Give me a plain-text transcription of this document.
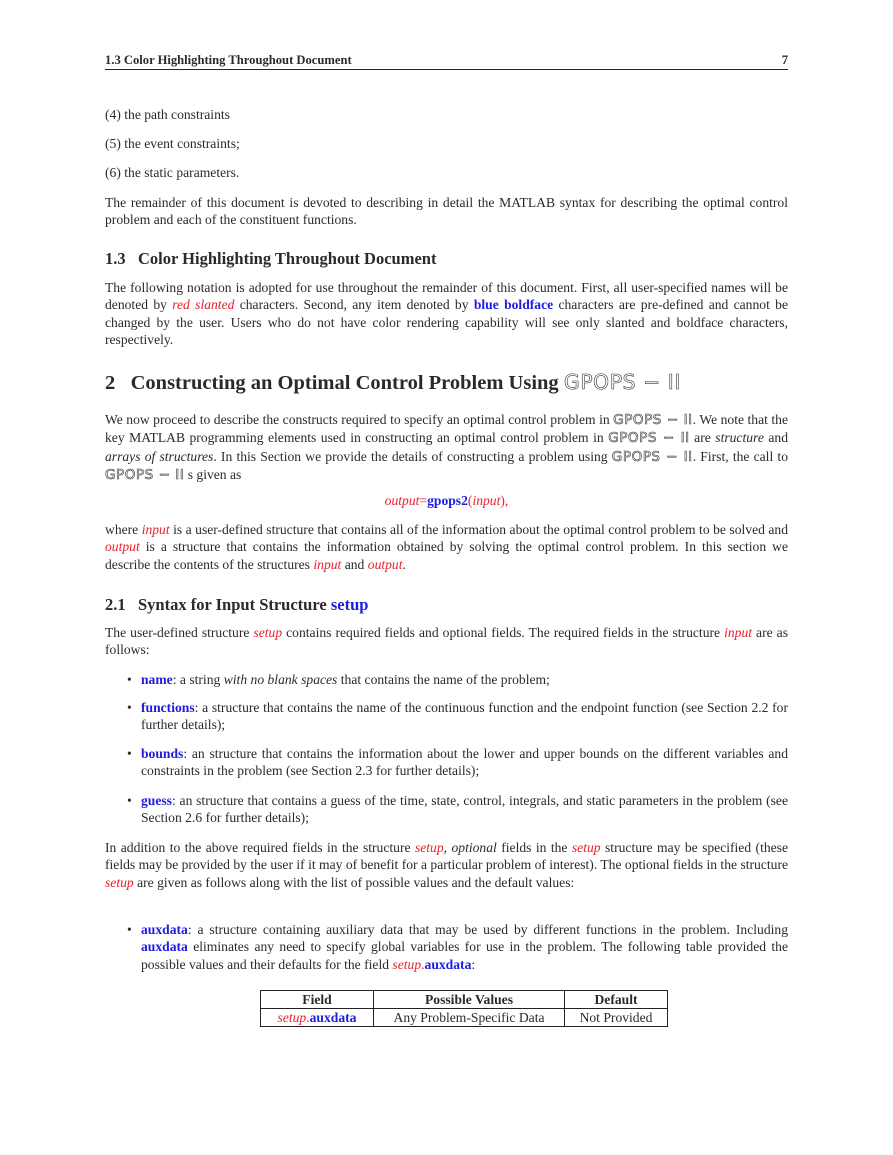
1.3 Color Highlighting Throughout Document	7
(4) the path constraints
(5) the event constraints;
(6) the static parameters.

The remainder of this document is devoted to describing in detail the MATLAB syntax for describing the optimal control problem and each of the constituent functions.

1.3 Color Highlighting Throughout Document

The following notation is adopted for use throughout the remainder of this document. First, all user-specified names will be denoted by red slanted characters. Second, any item denoted by blue boldface characters are pre-defined and cannot be changed by the user. Users who do not have color rendering capability will see only slanted and boldface characters, respectively.

2 Constructing an Optimal Control Problem Using GPOPS − II

We now proceed to describe the constructs required to specify an optimal control problem in GPOPS − II. We note that the key MATLAB programming elements used in constructing an optimal control problem in GPOPS − II are structure and arrays of structures. In this Section we provide the details of constructing a problem using GPOPS − II. First, the call to GPOPS − II s given as

output=gpops2(input),

where input is a user-defined structure that contains all of the information about the optimal control problem to be solved and output is a structure that contains the information obtained by solving the optimal control problem. In this section we describe the contents of the structures input and output.

2.1 Syntax for Input Structure setup

The user-defined structure setup contains required fields and optional fields. The required fields in the structure input are as follows:

• name: a string with no blank spaces that contains the name of the problem;

• functions: a structure that contains the name of the continuous function and the endpoint function (see Section 2.2 for further details);

• bounds: an structure that contains the information about the lower and upper bounds on the different variables and constraints in the problem (see Section 2.3 for further details);

• guess: an structure that contains a guess of the time, state, control, integrals, and static parameters in the problem (see Section 2.6 for further details);

In addition to the above required fields in the structure setup, optional fields in the setup structure may be specified (these fields may be provided by the user if it may of benefit for a particular problem of interest). The optional fields in the structure setup are given as follows along with the list of possible values and the default values:

• auxdata: a structure containing auxiliary data that may be used by different functions in the problem. Including auxdata eliminates any need to specify global variables for use in the problem. The following table provided the possible values and their defaults for the field setup.auxdata:

Field	Possible Values	Default
setup.auxdata	Any Problem-Specific Data	Not Provided
